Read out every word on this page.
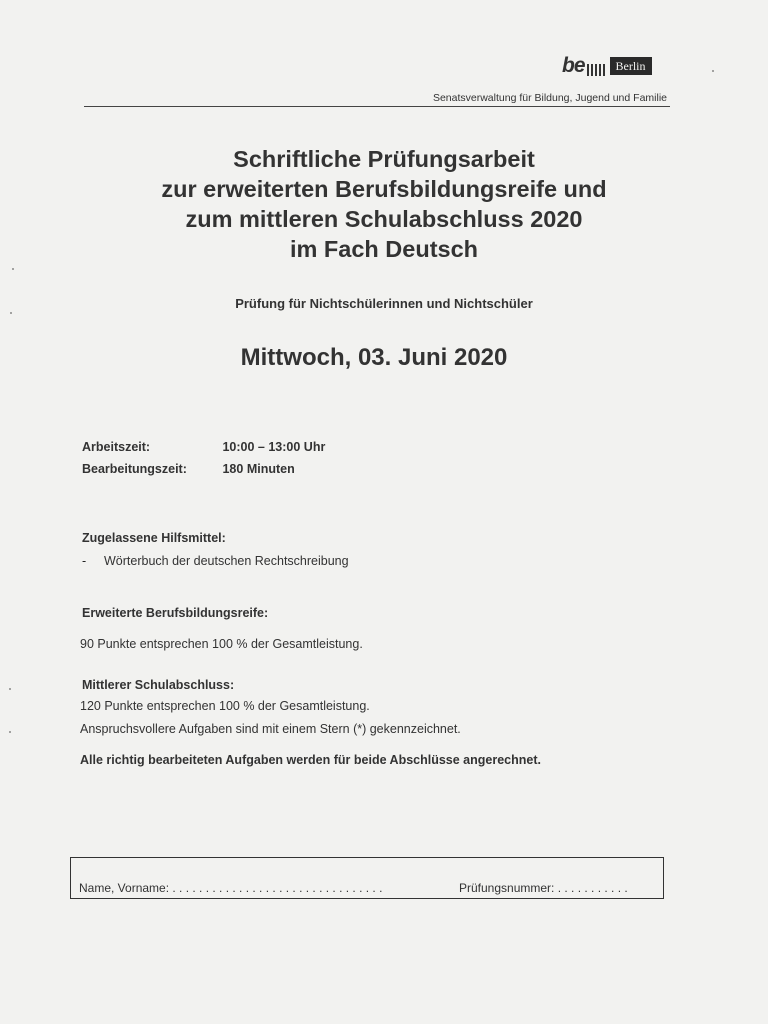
be	Berlin
Senatsverwaltung für Bildung, Jugend und Familie
Schriftliche Prüfungsarbeit
zur erweiterten Berufsbildungsreife und
zum mittleren Schulabschluss 2020
im Fach Deutsch
Prüfung für Nichtschülerinnen und Nichtschüler
Mittwoch, 03. Juni 2020
Arbeitszeit:	10:00 – 13:00 Uhr
Bearbeitungszeit:	180 Minuten
Zugelassene Hilfsmittel:
- Wörterbuch der deutschen Rechtschreibung
Erweiterte Berufsbildungsreife:
90 Punkte entsprechen 100 % der Gesamtleistung.
Mittlerer Schulabschluss:
120 Punkte entsprechen 100 % der Gesamtleistung.
Anspruchsvollere Aufgaben sind mit einem Stern (*) gekennzeichnet.
Alle richtig bearbeiteten Aufgaben werden für beide Abschlüsse angerechnet.
Name, Vorname: . . . . . . . . . . . . . . . . . . . . . . . . . . . . . . . .	Prüfungsnummer: . . . . . . . . . . .
